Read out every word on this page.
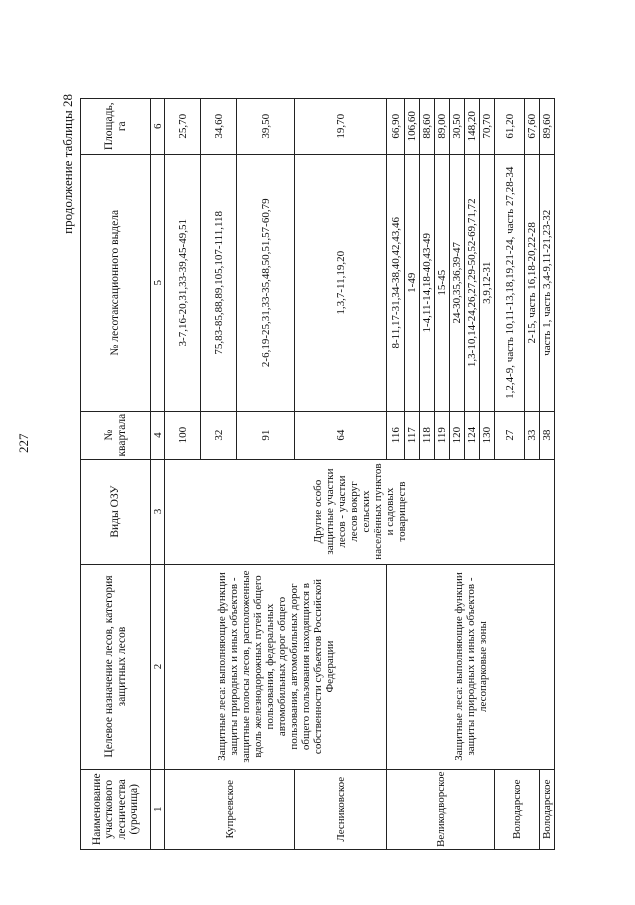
227
продолжение таблицы 28
Наименование участкового лесничества (урочища)	Целевое назначение лесов, категория защитных лесов	Виды ОЗУ	№ квартала	№ лесотаксационного выдела	Площадь, га
1	2	3	4	5	6
Купреевское	Защитные леса: выполняющие функции защиты природных и иных объектов - защитные полосы лесов, расположенные вдоль железнодорожных путей общего пользования, федеральных автомобильных дорог общего пользования, автомобильных дорог общего пользования находящихся в собственности субъектов Российской Федерации	Другие особо защитные участки лесов - участки лесов вокруг сельских населённых пунктов и садовых товариществ	100	3-7,16-20,31,33-39,45-49,51	25,70
			32	75,83-85,88,89,105,107-111,118	34,60
			91	2-6,19-25,31,33-35,48,50,51,57-60,79	39,50
Лесниковское			64	1,3,7-11,19,20	19,70
Великодворское	Защитные леса: выполняющие функции защиты природных и иных объектов - лесопарковые зоны		116	8-11,17-31,34-38,40,42,43,46	66,90
			117	1-49	106,60
			118	1-4,11-14,18-40,43-49	88,60
			119	15-45	89,00
			120	24-30,35,36,39-47	30,50
			124	1,3-10,14-24,26,27,29-50,52-69,71,72	148,20
			130	3,9,12-31	70,70
Володарское			27	1,2,4-9, часть 10,11-13,18,19,21-24, часть 27,28-34	61,20
			33	2-15, часть 16,18-20,22-28	67,60
Володарское			38	часть 1, часть 3,4-9,11-21,23-32	89,60
